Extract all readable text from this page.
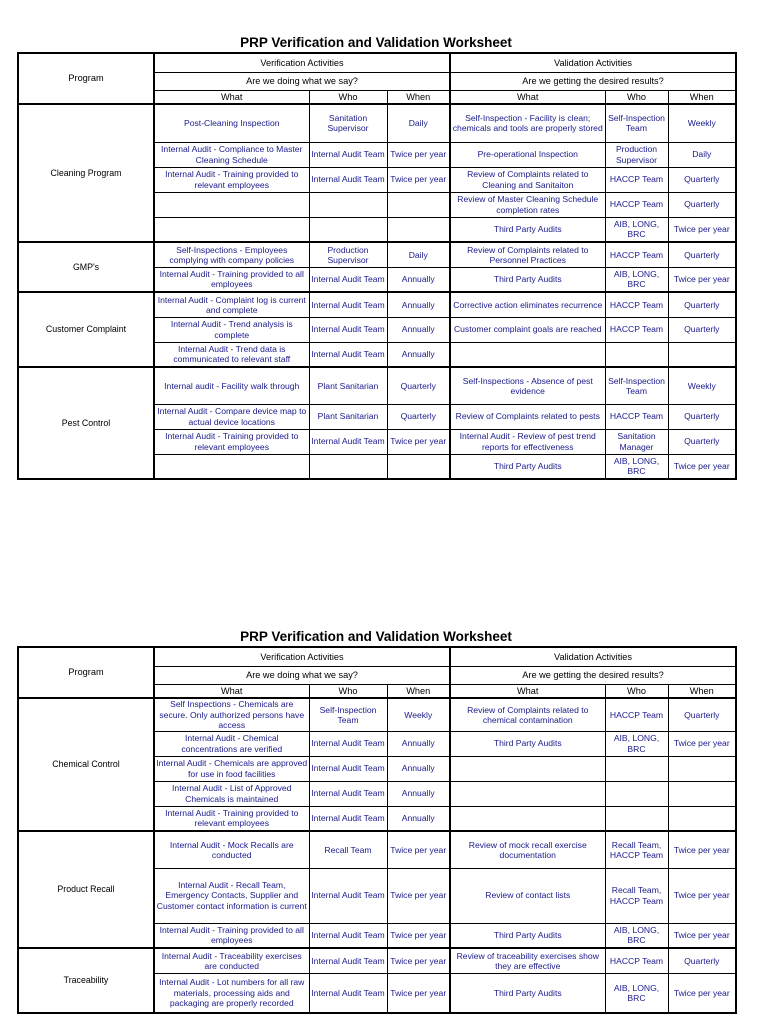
PRP Verification and Validation Worksheet
Program	Verification Activities			Validation Activities		
	Are we doing what we say?			Are we getting the desired results?		
	What	Who	When	What	Who	When
Cleaning Program	Post-Cleaning Inspection	Sanitation Supervisor	Daily	Self-Inspection - Facility is clean; chemicals and tools are properly stored	Self-Inspection Team	Weekly
	Internal Audit - Compliance to Master Cleaning Schedule	Internal Audit Team	Twice per year	Pre-operational Inspection	Production Supervisor	Daily
	Internal Audit - Training provided to relevant employees	Internal Audit Team	Twice per year	Review of Complaints related to Cleaning and Sanitaiton	HACCP Team	Quarterly
				Review of Master Cleaning Schedule completion rates	HACCP Team	Quarterly
				Third Party Audits	AIB, LONG, BRC	Twice per year
GMP's	Self-Inspections - Employees complying with company policies	Production Supervisor	Daily	Review of Complaints related to Personnel Practices	HACCP Team	Quarterly
	Internal Audit - Training provided to all employees	Internal Audit Team	Annually	Third Party Audits	AIB, LONG, BRC	Twice per year
Customer Complaint	Internal Audit - Complaint log is current and complete	Internal Audit Team	Annually	Corrective action eliminates recurrence	HACCP Team	Quarterly
	Internal Audit - Trend analysis is complete	Internal Audit Team	Annually	Customer complaint goals are reached	HACCP Team	Quarterly
	Internal Audit - Trend data is communicated to relevant staff	Internal Audit Team	Annually			
Pest Control	Internal audit - Facility walk through	Plant Sanitarian	Quarterly	Self-Inspections - Absence of pest evidence	Self-Inspection Team	Weekly
	Internal Audit - Compare device map to actual device locations	Plant Sanitarian	Quarterly	Review of Complaints related to pests	HACCP Team	Quarterly
	Internal Audit - Training provided to relevant employees	Internal Audit Team	Twice per year	Internal Audit - Review of pest trend reports for effectiveness	Sanitation Manager	Quarterly
				Third Party Audits	AIB, LONG, BRC	Twice per year
PRP Verification and Validation Worksheet
Program	Verification Activities			Validation Activities		
	Are we doing what we say?			Are we getting the desired results?		
	What	Who	When	What	Who	When
Chemical Control	Self Inspections - Chemicals are secure. Only authorized persons have access	Self-Inspection Team	Weekly	Review of Complaints related to chemical contamination	HACCP Team	Quarterly
	Internal Audit - Chemical concentrations are verified	Internal Audit Team	Annually	Third Party Audits	AIB, LONG, BRC	Twice per year
	Internal Audit - Chemicals are approved for use in food facilities	Internal Audit Team	Annually			
	Internal Audit - List of Approved Chemicals is maintained	Internal Audit Team	Annually			
	Internal Audit - Training provided to relevant employees	Internal Audit Team	Annually			
Product Recall	Internal Audit - Mock Recalls are conducted	Recall Team	Twice per year	Review of mock recall exercise documentation	Recall Team, HACCP Team	Twice per year
	Internal Audit - Recall Team, Emergency Contacts, Supplier and Customer contact information is current	Internal Audit Team	Twice per year	Review of contact lists	Recall Team, HACCP Team	Twice per year
	Internal Audit - Training provided to all employees	Internal Audit Team	Twice per year	Third Party Audits	AIB, LONG, BRC	Twice per year
Traceability	Internal Audit - Traceability exercises are conducted	Internal Audit Team	Twice per year	Review of traceability exercises show they are effective	HACCP Team	Quarterly
	Internal Audit - Lot numbers for all raw materials, processing aids and packaging are properly recorded	Internal Audit Team	Twice per year	Third Party Audits	AIB, LONG, BRC	Twice per year
